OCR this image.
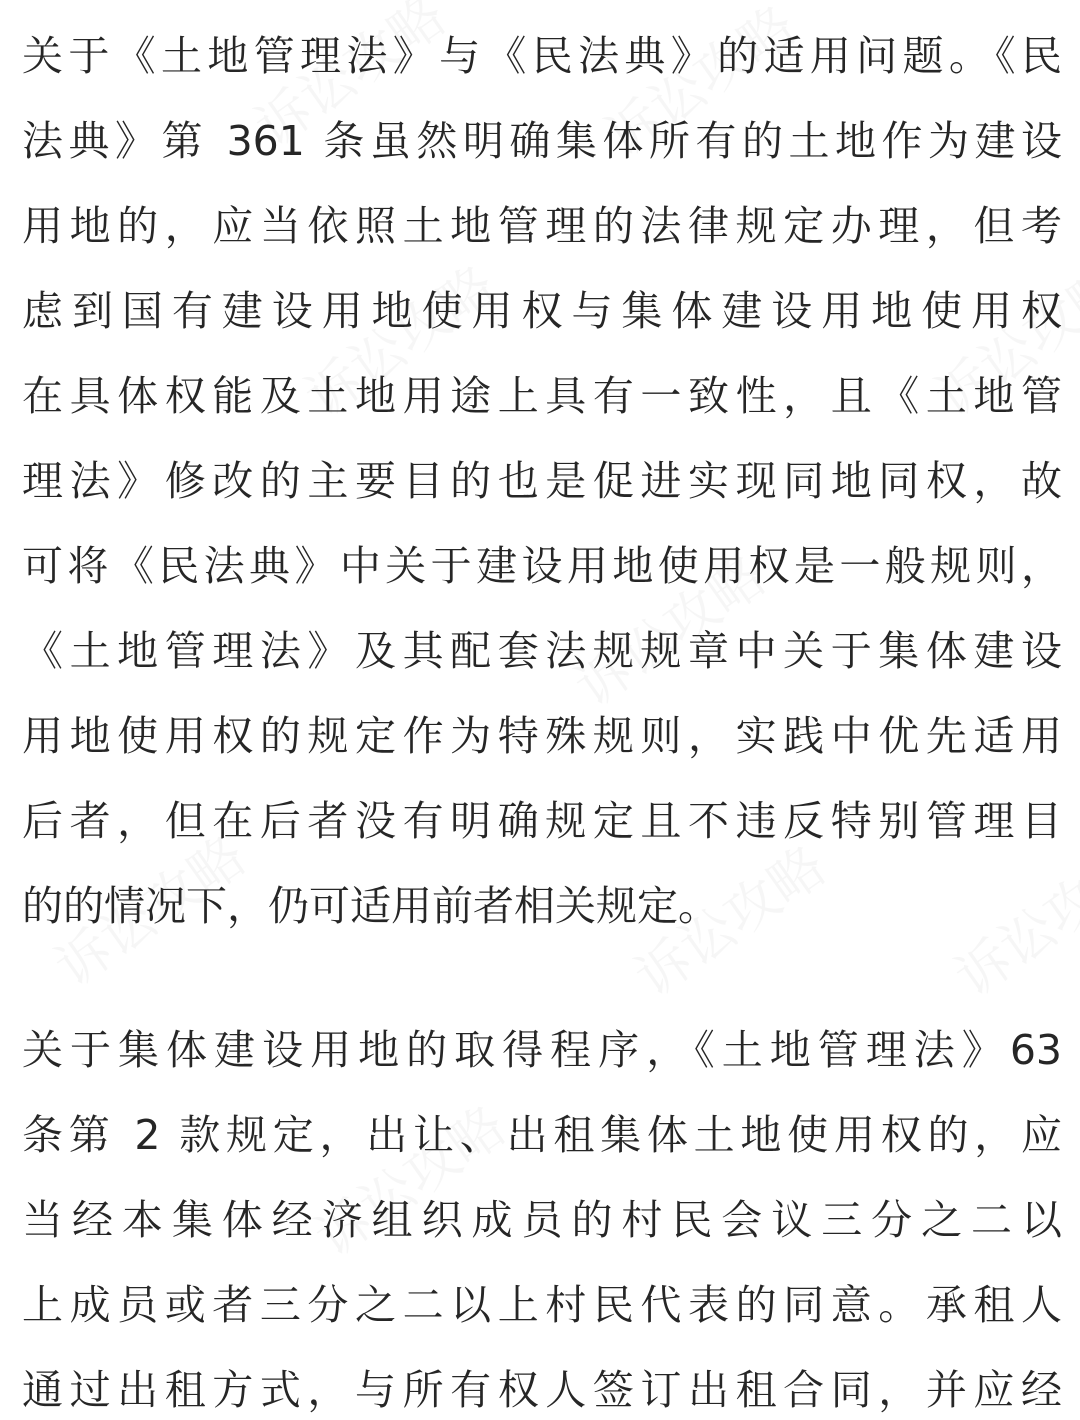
关于《土地管理法》与《民法典》的适用问题。《民
法典》第 361 条虽然明确集体所有的土地作为建设
用地的，应当依照土地管理的法律规定办理，但考
虑到国有建设用地使用权与集体建设用地使用权
在具体权能及土地用途上具有一致性，且《土地管
理法》修改的主要目的也是促进实现同地同权，故
可将《民法典》中关于建设用地使用权是一般规则，
《土地管理法》及其配套法规规章中关于集体建设
用地使用权的规定作为特殊规则，实践中优先适用
后者，但在后者没有明确规定且不违反特别管理目
的的情况下，仍可适用前者相关规定。
关于集体建设用地的取得程序，《土地管理法》63
条第 2 款规定，出让、出租集体土地使用权的，应
当经本集体经济组织成员的村民会议三分之二以
上成员或者三分之二以上村民代表的同意。承租人
通过出租方式，与所有权人签订出租合同，并应经
